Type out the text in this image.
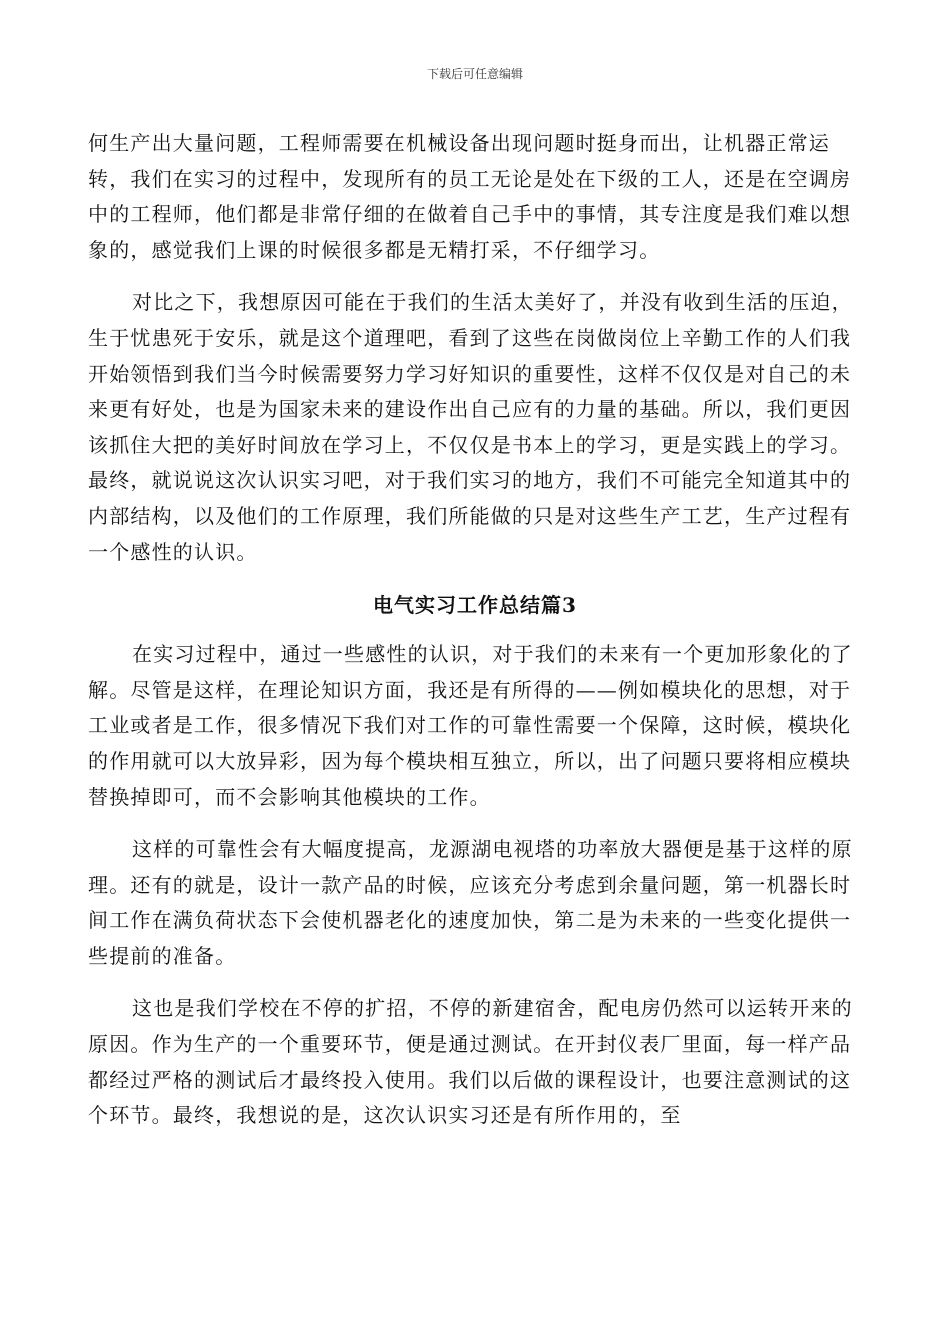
下载后可任意编辑

何生产出大量问题，工程师需要在机械设备出现问题时挺身而出，让机器正常运转，我们在实习的过程中，发现所有的员工无论是处在下级的工人，还是在空调房中的工程师，他们都是非常仔细的在做着自己手中的事情，其专注度是我们难以想象的，感觉我们上课的时候很多都是无精打采，不仔细学习。

对比之下，我想原因可能在于我们的生活太美好了，并没有收到生活的压迫，生于忧患死于安乐，就是这个道理吧，看到了这些在岗做岗位上辛勤工作的人们我开始领悟到我们当今时候需要努力学习好知识的重要性，这样不仅仅是对自己的未来更有好处，也是为国家未来的建设作出自己应有的力量的基础。所以，我们更因该抓住大把的美好时间放在学习上，不仅仅是书本上的学习，更是实践上的学习。最终，就说说这次认识实习吧，对于我们实习的地方，我们不可能完全知道其中的内部结构，以及他们的工作原理，我们所能做的只是对这些生产工艺，生产过程有一个感性的认识。

电气实习工作总结篇3

在实习过程中，通过一些感性的认识，对于我们的未来有一个更加形象化的了解。尽管是这样，在理论知识方面，我还是有所得的——例如模块化的思想，对于工业或者是工作，很多情况下我们对工作的可靠性需要一个保障，这时候，模块化的作用就可以大放异彩，因为每个模块相互独立，所以，出了问题只要将相应模块替换掉即可，而不会影响其他模块的工作。

这样的可靠性会有大幅度提高，龙源湖电视塔的功率放大器便是基于这样的原理。还有的就是，设计一款产品的时候，应该充分考虑到余量问题，第一机器长时间工作在满负荷状态下会使机器老化的速度加快，第二是为未来的一些变化提供一些提前的准备。

这也是我们学校在不停的扩招，不停的新建宿舍，配电房仍然可以运转开来的原因。作为生产的一个重要环节，便是通过测试。在开封仪表厂里面，每一样产品都经过严格的测试后才最终投入使用。我们以后做的课程设计，也要注意测试的这个环节。最终，我想说的是，这次认识实习还是有所作用的，至
